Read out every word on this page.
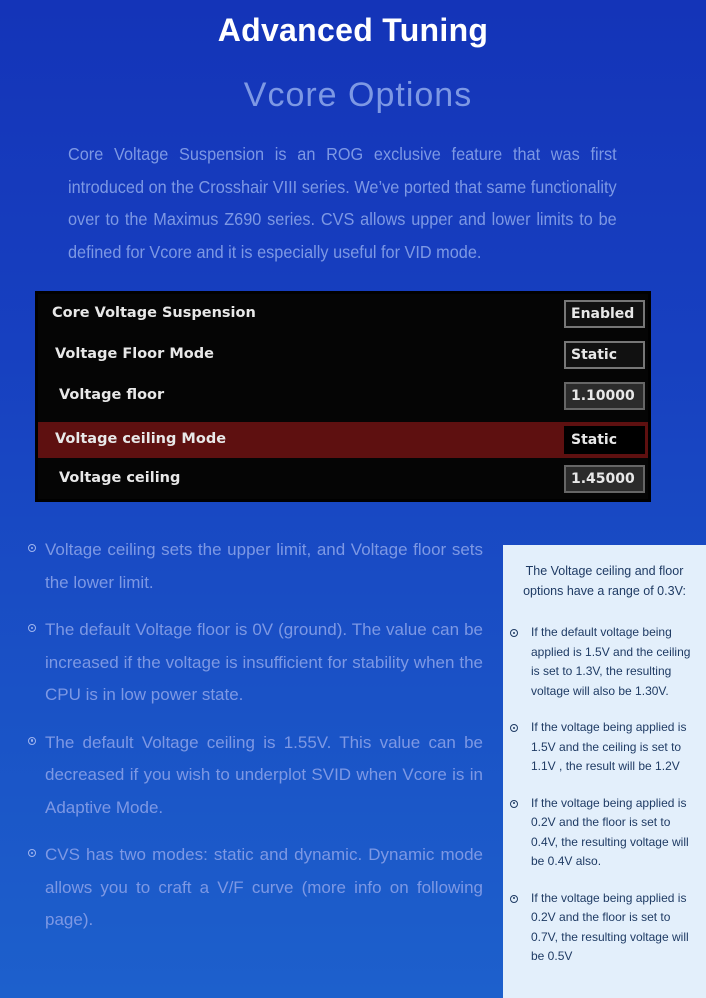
Advanced Tuning
Vcore Options
Core Voltage Suspension is an ROG exclusive feature that was first introduced on the Crosshair VIII series. We’ve ported that same functionality over to the Maximus Z690 series. CVS allows upper and lower limits to be defined for Vcore and it is especially useful for VID mode.
Core Voltage Suspension	Enabled
Voltage Floor Mode	Static
Voltage floor	1.10000
Voltage ceiling Mode	Static
Voltage ceiling	1.45000
Voltage ceiling sets the upper limit, and Voltage floor sets the lower limit.
The default Voltage floor is 0V (ground). The value can be increased if the voltage is insufficient for stability when the CPU is in low power state.
The default Voltage ceiling is 1.55V. This value can be decreased if you wish to underplot SVID when Vcore is in Adaptive Mode.
CVS has two modes: static and dynamic. Dynamic mode allows you to craft a V/F curve (more info on following page).
The Voltage ceiling and floor options have a range of 0.3V:
If the default voltage being applied is 1.5V and the ceiling is set to 1.3V, the resulting voltage will also be 1.30V.
If the voltage being applied is 1.5V and the ceiling is set to 1.1V , the result will be 1.2V
If the voltage being applied is 0.2V and the floor is set to 0.4V, the resulting voltage will be 0.4V also.
If the voltage being applied is 0.2V and the floor is set to 0.7V, the resulting voltage will be 0.5V
